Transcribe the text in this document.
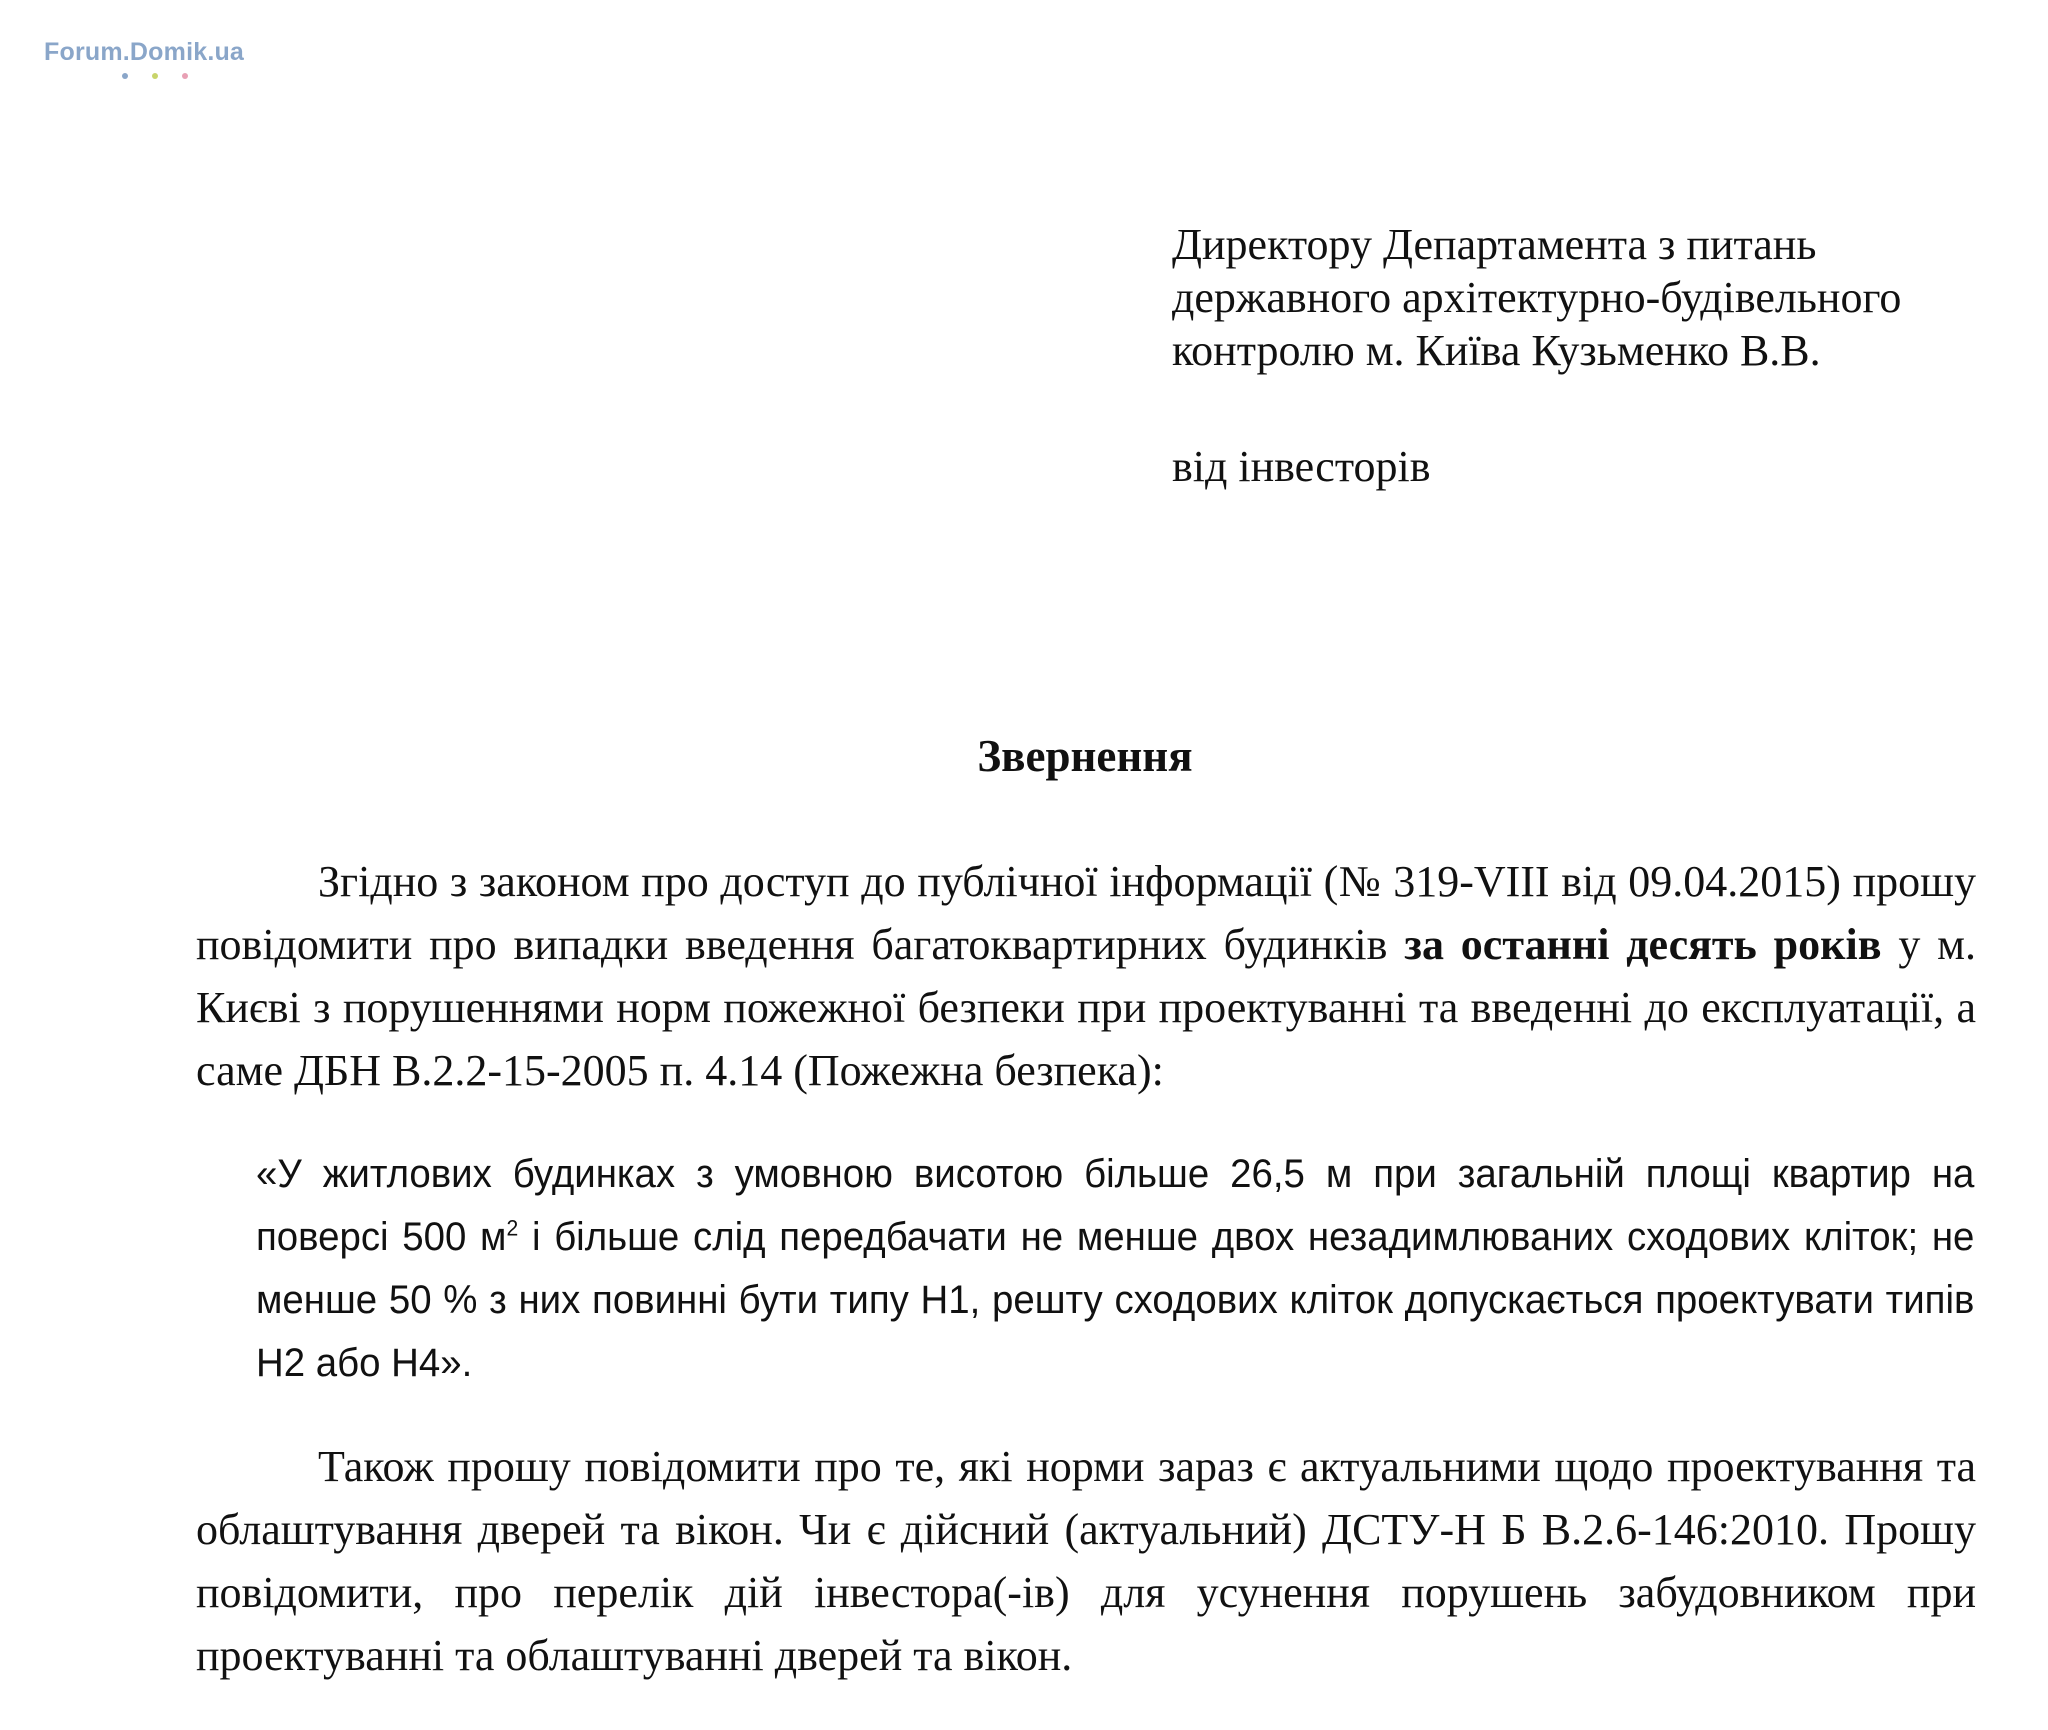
Forum.Domik.ua
Директору Департамента з питань
державного архітектурно-будівельного
контролю м. Київа Кузьменко В.В.
від інвесторів
Звернення
Згідно з законом про доступ до публічної інформації (№ 319-VIII від 09.04.2015) прошу повідомити про випадки введення багатоквартирних будинків за останні десять років у м. Києві з порушеннями норм пожежної безпеки при проектуванні та введенні до експлуатації, а саме ДБН В.2.2-15-2005 п. 4.14 (Пожежна безпека):
«У житлових будинках з умовною висотою більше 26,5 м при загальній площі квартир на поверсі 500 $м^2$ і більше слід передбачати не менше двох незадимлюваних сходових кліток; не менше 50 % з них повинні бути типу Н1, решту сходових кліток допускається проектувати типів Н2 або Н4».
Також прошу повідомити про те, які норми зараз є актуальними щодо проектування та облаштування дверей та вікон. Чи є дійсний (актуальний) ДСТУ-Н Б В.2.6-146:2010. Прошу повідомити, про перелік дій інвестора(-ів) для усунення порушень забудовником при проектуванні та облаштуванні дверей та вікон.
